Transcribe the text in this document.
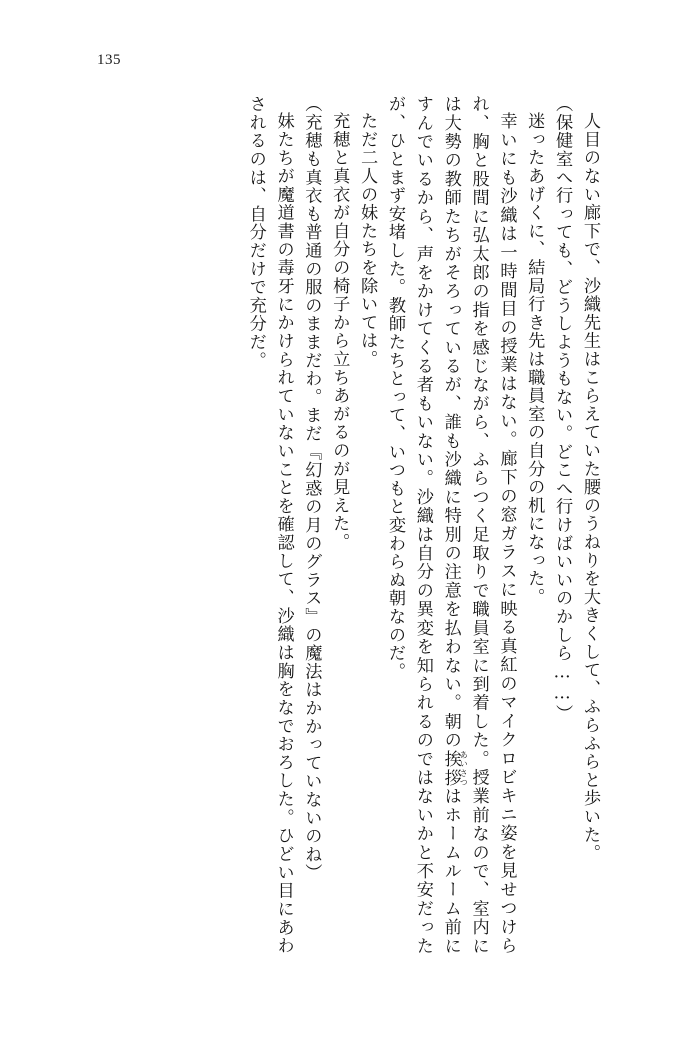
135
人目のない廊下で、沙織先生はこらえていた腰のうねりを大きくして、ふらふらと歩いた。
（保健室へ行っても、どうしようもない。どこへ行けばいいのかしら……）
迷ったあげくに、結局行き先は職員室の自分の机になった。
幸いにも沙織は一時間目の授業はない。廊下の窓ガラスに映る真紅のマイクロビキニ姿を見せつけられ、胸と股間に弘太郎の指を感じながら、ふらつく足取りで職員室に到着した。授業前なので、室内には大勢の教師たちがそろっているが、誰も沙織に特別の注意を払わない。朝の挨拶あいさつはホームルーム前にすんでいるから、声をかけてくる者もいない。沙織は自分の異変を知られるのではないかと不安だったが、ひとまず安堵した。教師たちとって、いつもと変わらぬ朝なのだ。
ただ二人の妹たちを除いては。
充穂と真衣が自分の椅子から立ちあがるのが見えた。
（充穂も真衣も普通の服のままだわ。まだ『幻惑の月のグラス』の魔法はかかっていないのね）
妹たちが魔道書の毒牙にかけられていないことを確認して、沙織は胸をなでおろした。ひどい目にあわされるのは、自分だけで充分だ。
